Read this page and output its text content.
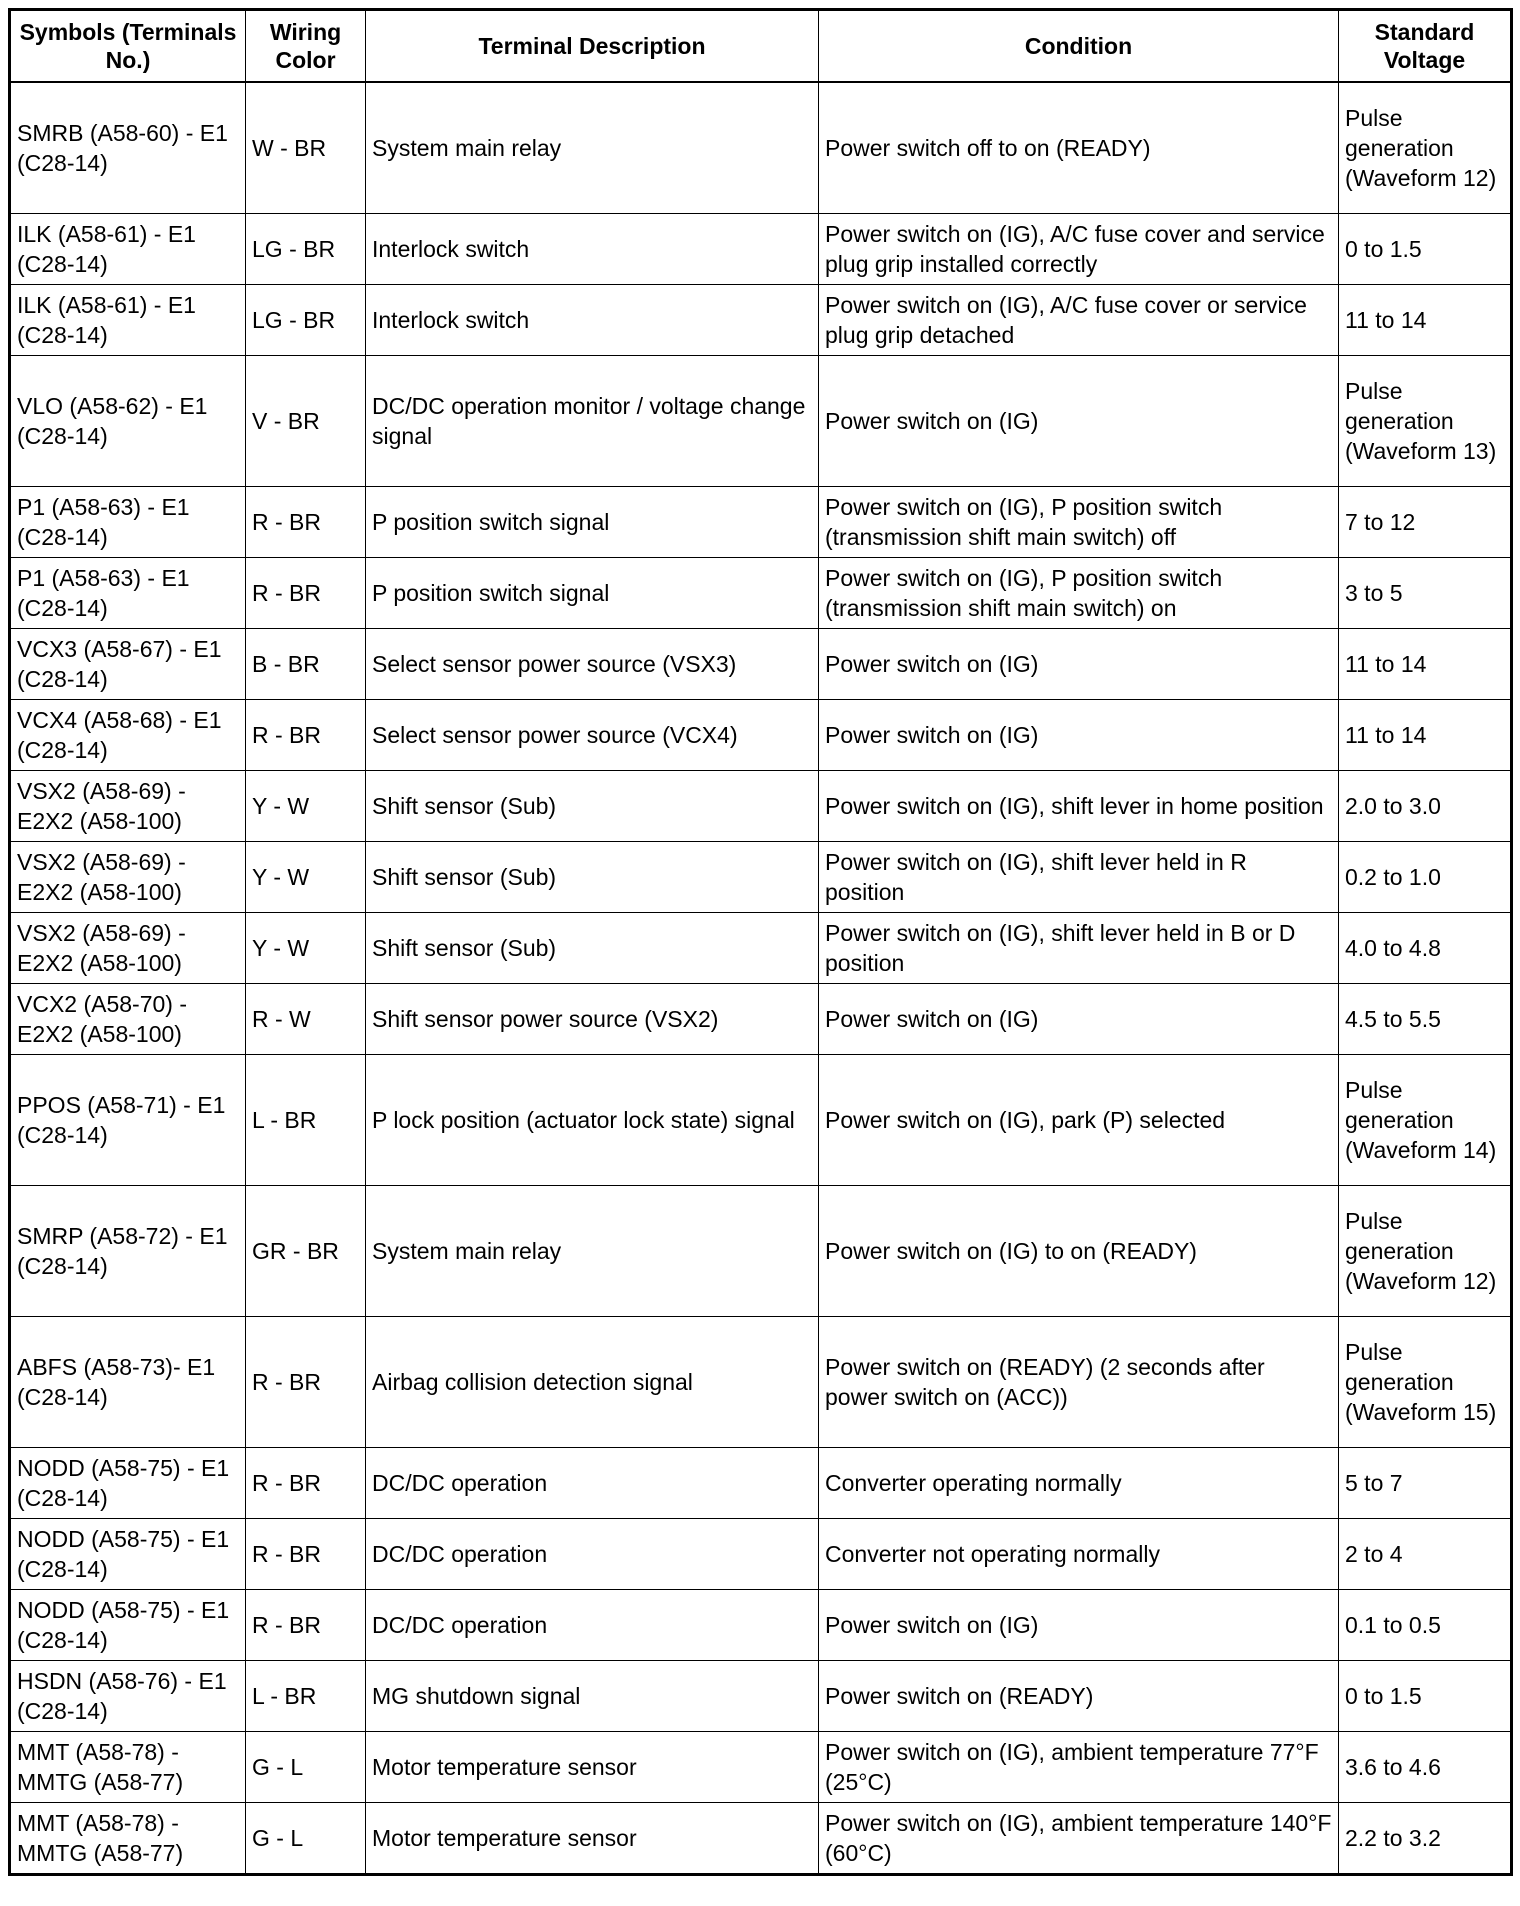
Symbols (Terminals No.)	Wiring Color	Terminal Description	Condition	Standard Voltage
SMRB (A58-60) - E1 (C28-14)	W - BR	System main relay	Power switch off to on (READY)	Pulse generation (Waveform 12)
ILK (A58-61) - E1 (C28-14)	LG - BR	Interlock switch	Power switch on (IG), A/C fuse cover and service plug grip installed correctly	0 to 1.5
ILK (A58-61) - E1 (C28-14)	LG - BR	Interlock switch	Power switch on (IG), A/C fuse cover or service plug grip detached	11 to 14
VLO (A58-62) - E1 (C28-14)	V - BR	DC/DC operation monitor / voltage change signal	Power switch on (IG)	Pulse generation (Waveform 13)
P1 (A58-63) - E1 (C28-14)	R - BR	P position switch signal	Power switch on (IG), P position switch (transmission shift main switch) off	7 to 12
P1 (A58-63) - E1 (C28-14)	R - BR	P position switch signal	Power switch on (IG), P position switch (transmission shift main switch) on	3 to 5
VCX3 (A58-67) - E1 (C28-14)	B - BR	Select sensor power source (VSX3)	Power switch on (IG)	11 to 14
VCX4 (A58-68) - E1 (C28-14)	R - BR	Select sensor power source (VCX4)	Power switch on (IG)	11 to 14
VSX2 (A58-69) - E2X2 (A58-100)	Y - W	Shift sensor (Sub)	Power switch on (IG), shift lever in home position	2.0 to 3.0
VSX2 (A58-69) - E2X2 (A58-100)	Y - W	Shift sensor (Sub)	Power switch on (IG), shift lever held in R position	0.2 to 1.0
VSX2 (A58-69) - E2X2 (A58-100)	Y - W	Shift sensor (Sub)	Power switch on (IG), shift lever held in B or D position	4.0 to 4.8
VCX2 (A58-70) - E2X2 (A58-100)	R - W	Shift sensor power source (VSX2)	Power switch on (IG)	4.5 to 5.5
PPOS (A58-71) - E1 (C28-14)	L - BR	P lock position (actuator lock state) signal	Power switch on (IG), park (P) selected	Pulse generation (Waveform 14)
SMRP (A58-72) - E1 (C28-14)	GR - BR	System main relay	Power switch on (IG) to on (READY)	Pulse generation (Waveform 12)
ABFS (A58-73)- E1 (C28-14)	R - BR	Airbag collision detection signal	Power switch on (READY) (2 seconds after power switch on (ACC))	Pulse generation (Waveform 15)
NODD (A58-75) - E1 (C28-14)	R - BR	DC/DC operation	Converter operating normally	5 to 7
NODD (A58-75) - E1 (C28-14)	R - BR	DC/DC operation	Converter not operating normally	2 to 4
NODD (A58-75) - E1 (C28-14)	R - BR	DC/DC operation	Power switch on (IG)	0.1 to 0.5
HSDN (A58-76) - E1 (C28-14)	L - BR	MG shutdown signal	Power switch on (READY)	0 to 1.5
MMT (A58-78) - MMTG (A58-77)	G - L	Motor temperature sensor	Power switch on (IG), ambient temperature 77°F (25°C)	3.6 to 4.6
MMT (A58-78) - MMTG (A58-77)	G - L	Motor temperature sensor	Power switch on (IG), ambient temperature 140°F (60°C)	2.2 to 3.2
